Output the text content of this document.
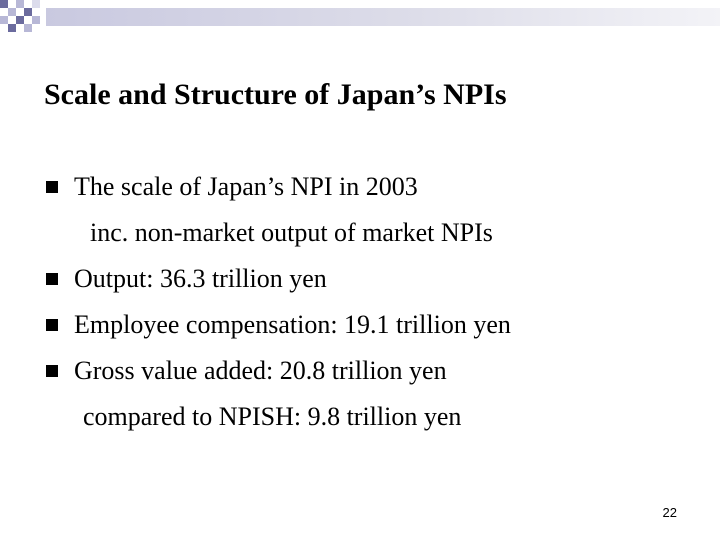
Scale and Structure of Japan’s NPIs
The scale of Japan’s NPI in 2003
inc. non-market output of market NPIs
Output: 36.3 trillion yen
Employee compensation: 19.1 trillion yen
Gross value added: 20.8 trillion yen
compared to NPISH: 9.8 trillion yen
22
